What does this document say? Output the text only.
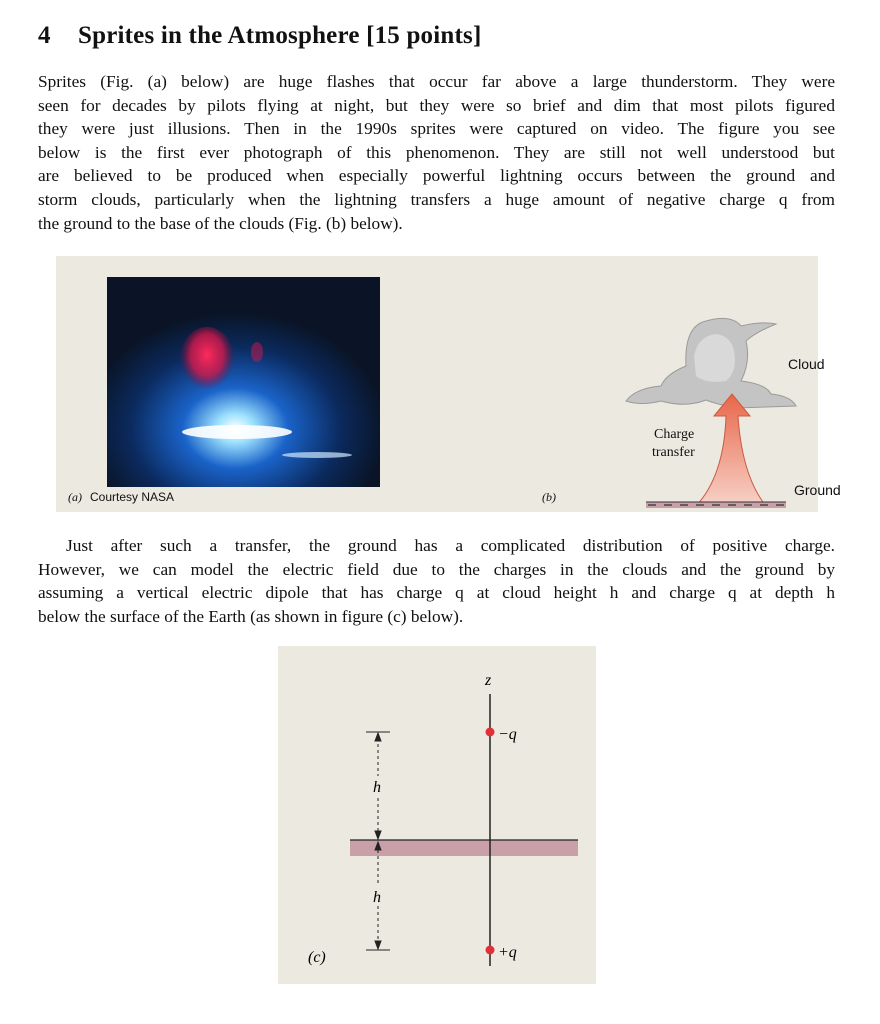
4 Sprites in the Atmosphere [15 points]
Sprites (Fig. (a) below) are huge flashes that occur far above a large thunderstorm. They were
seen for decades by pilots flying at night, but they were so brief and dim that most pilots figured
they were just illusions. Then in the 1990s sprites were captured on video. The figure you see
below is the first ever photograph of this phenomenon. They are still not well understood but
are believed to be produced when especially powerful lightning occurs between the ground and
storm clouds, particularly when the lightning transfers a huge amount of negative charge q from
the ground to the base of the clouds (Fig. (b) below).
(a) Courtesy NASA	(b)
Cloud
Charge
transfer
Ground
Just after such a transfer, the ground has a complicated distribution of positive charge.
However, we can model the electric field due to the charges in the clouds and the ground by
assuming a vertical electric dipole that has charge q at cloud height h and charge q at depth h
below the surface of the Earth (as shown in figure (c) below).
z
−q
+q
h
h
(c)
